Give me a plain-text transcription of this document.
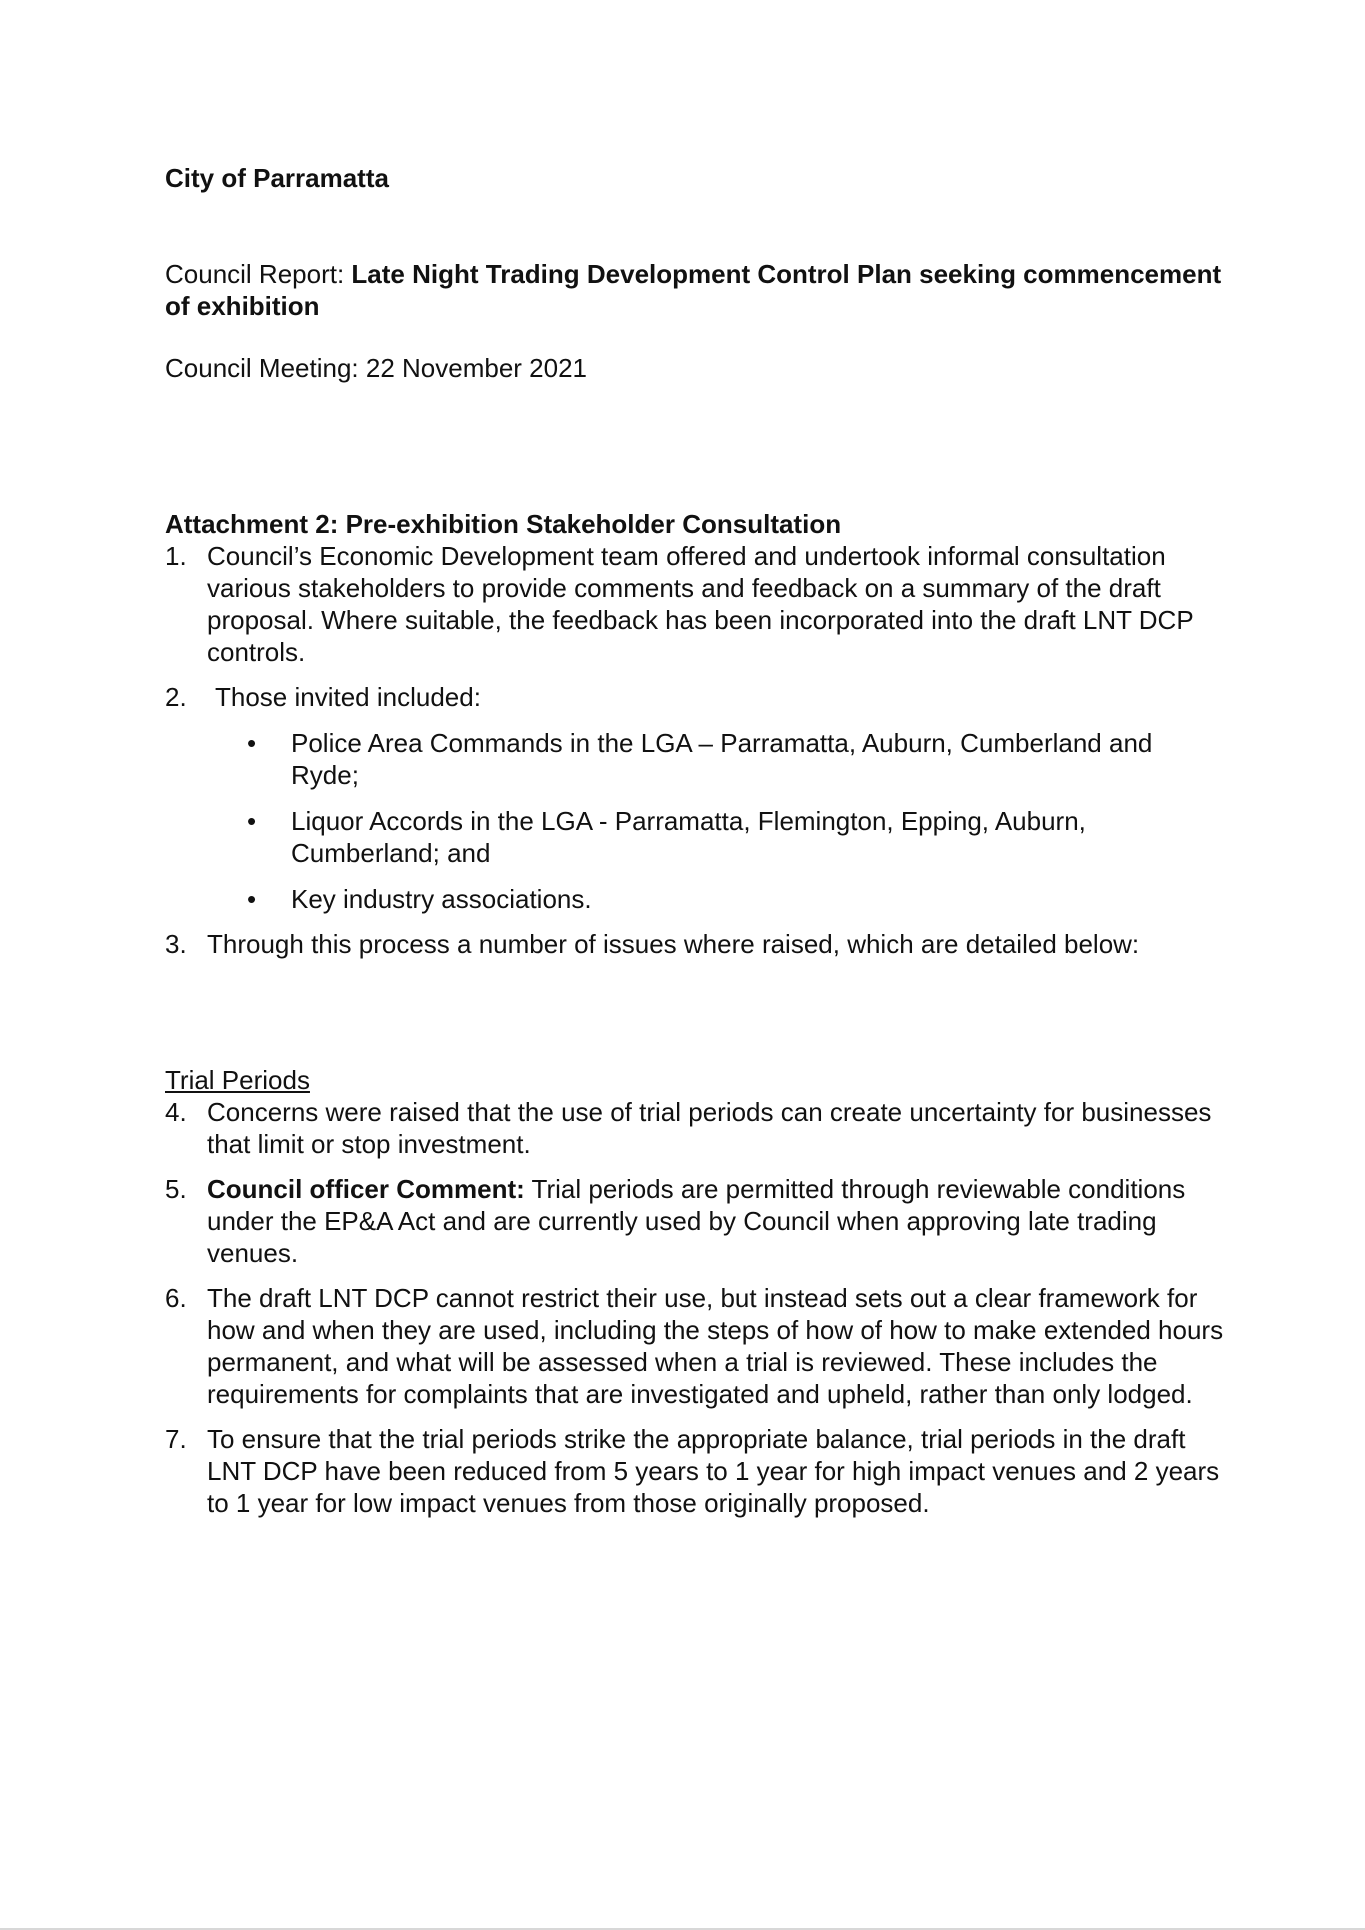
City of Parramatta
Council Report: Late Night Trading Development Control Plan seeking commencement of exhibition
Council Meeting: 22 November 2021
Attachment 2: Pre-exhibition Stakeholder Consultation
1. Council’s Economic Development team offered and undertook informal consultation various stakeholders to provide comments and feedback on a summary of the draft proposal. Where suitable, the feedback has been incorporated into the draft LNT DCP controls.
2. Those invited included:
• Police Area Commands in the LGA – Parramatta, Auburn, Cumberland and Ryde;
• Liquor Accords in the LGA - Parramatta, Flemington, Epping, Auburn, Cumberland; and
• Key industry associations.
3. Through this process a number of issues where raised, which are detailed below:
Trial Periods
4. Concerns were raised that the use of trial periods can create uncertainty for businesses that limit or stop investment.
5. Council officer Comment: Trial periods are permitted through reviewable conditions under the EP&A Act and are currently used by Council when approving late trading venues.
6. The draft LNT DCP cannot restrict their use, but instead sets out a clear framework for how and when they are used, including the steps of how of how to make extended hours permanent, and what will be assessed when a trial is reviewed. These includes the requirements for complaints that are investigated and upheld, rather than only lodged.
7. To ensure that the trial periods strike the appropriate balance, trial periods in the draft LNT DCP have been reduced from 5 years to 1 year for high impact venues and 2 years to 1 year for low impact venues from those originally proposed.
